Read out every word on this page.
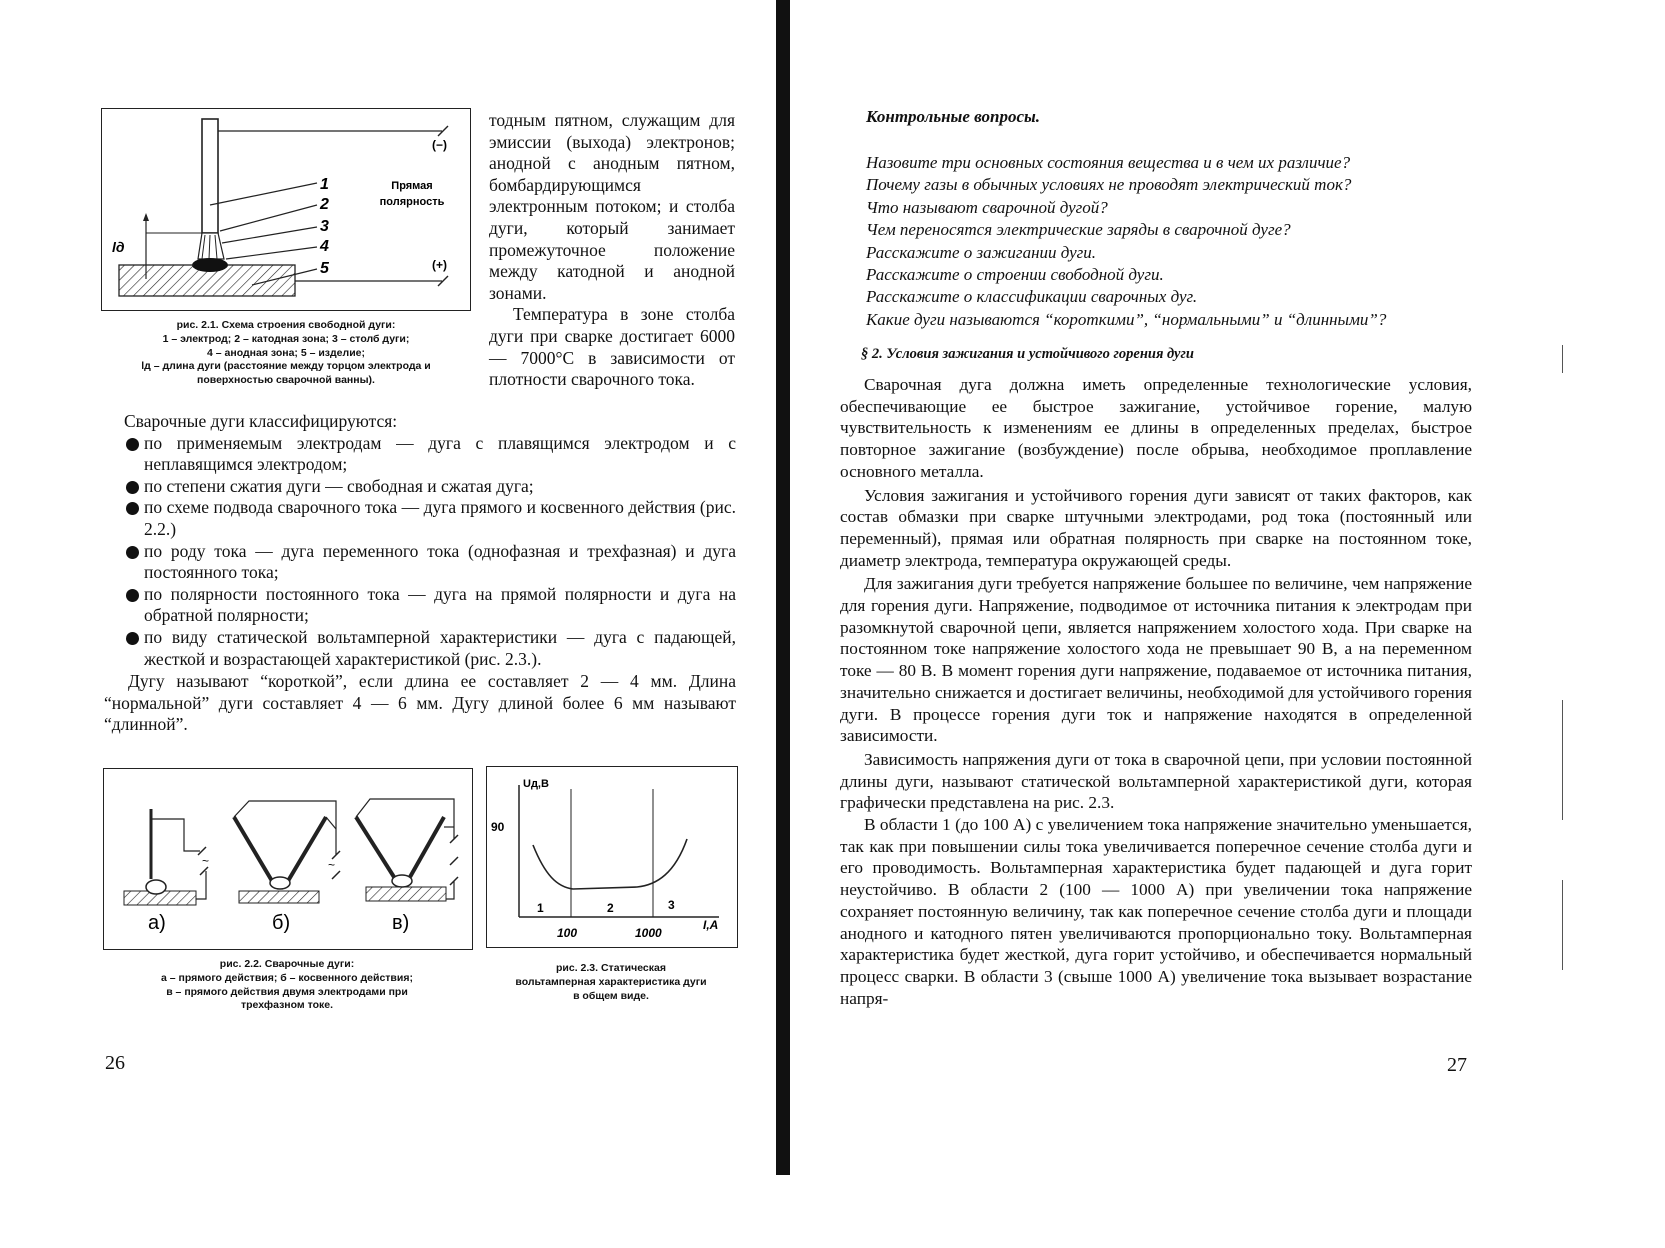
lд
1
2
3
4
5
(−)
(+)
Прямая
полярность
рис. 2.1. Схема строения свободной дуги:
1 – электрод; 2 – катодная зона; 3 – столб дуги;
4 – анодная зона; 5 – изделие;
lд – длина дуги (расстояние между торцом электрода и
поверхностью сварочной ванны).

тодным пятном, служащим для эмиссии (выхода) электронов; анодной с анодным пятном, бомбардирующимся электронным потоком; и столба дуги, который занимает промежуточное положение между катодной и анодной зонами.

Температура в зоне столба дуги при сварке достигает 6000 — 7000°С в зависимости от плотности сварочного тока.

Сварочные дуги классифицируются:
по применяемым электродам — дуга с плавящимся электродом и с неплавящимся электродом;
по степени сжатия дуги — свободная и сжатая дуга;
по схеме подвода сварочного тока — дуга прямого и косвенного действия (рис. 2.2.)
по роду тока — дуга переменного тока (однофазная и трехфазная) и дуга постоянного тока;
по полярности постоянного тока — дуга на прямой полярности и дуга на обратной полярности;
по виду статической вольтамперной характеристики — дуга с падающей, жесткой и возрастающей характеристикой (рис. 2.3.).

Дугу называют “короткой”, если длина ее составляет 2 — 4 мм. Длина “нормальной” дуги составляет 4 — 6 мм. Дугу длиной более 6 мм называют “длинной”.

~
а)
~
б)	в)
рис. 2.2. Сварочные дуги:
а – прямого действия; б – косвенного действия;
в – прямого действия двумя электродами при
трехфазном токе.
Uд,В
90
1	2	3
100	1000
I,А
рис. 2.3. Статическая
вольтамперная характеристика дуги
в общем виде.
26
Контрольные вопросы.

Назовите три основных состояния вещества и в чем их различие?

Почему газы в обычных условиях не проводят электрический ток?

Что называют сварочной дугой?

Чем переносятся электрические заряды в сварочной дуге?

Расскажите о зажигании дуги.

Расскажите о строении свободной дуги.

Расскажите о классификации сварочных дуг.

Какие дуги называются “короткими”, “нормальными” и “длинными”?

§ 2. Условия зажигания и устойчивого горения дуги

Сварочная дуга должна иметь определенные технологические условия, обеспечивающие ее быстрое зажигание, устойчивое горение, малую чувствительность к изменениям ее длины в определенных пределах, быстрое повторное зажигание (возбуждение) после обрыва, необходимое проплавление основного металла.

Условия зажигания и устойчивого горения дуги зависят от таких факторов, как состав обмазки при сварке штучными электродами, род тока (постоянный или переменный), прямая или обратная полярность при сварке на постоянном токе, диаметр электрода, температура окружающей среды.

Для зажигания дуги требуется напряжение большее по величине, чем напряжение для горения дуги. Напряжение, подводимое от источника питания к электродам при разомкнутой сварочной цепи, является напряжением холостого хода. При сварке на постоянном токе напряжение холостого хода не превышает 90 В, а на переменном токе — 80 В. В момент горения дуги напряжение, подаваемое от источника питания, значительно снижается и достигает величины, необходимой для устойчивого горения дуги. В процессе горения дуги ток и напряжение находятся в определенной зависимости.

Зависимость напряжения дуги от тока в сварочной цепи, при условии постоянной длины дуги, называют статической вольтамперной характеристикой дуги, которая графически представлена на рис. 2.3.

В области 1 (до 100 А) с увеличением тока напряжение значительно уменьшается, так как при повышении силы тока увеличивается поперечное сечение столба дуги и его проводимость. Вольтамперная характеристика будет падающей и дуга горит неустойчиво. В области 2 (100 — 1000 А) при увеличении тока напряжение сохраняет постоянную величину, так как поперечное сечение столба дуги и площади анодного и катодного пятен увеличиваются пропорционально току. Вольтамперная характеристика будет жесткой, дуга горит устойчиво, и обеспечивается нормальный процесс сварки. В области 3 (свыше 1000 А) увеличение тока вызывает возрастание напря-

27
